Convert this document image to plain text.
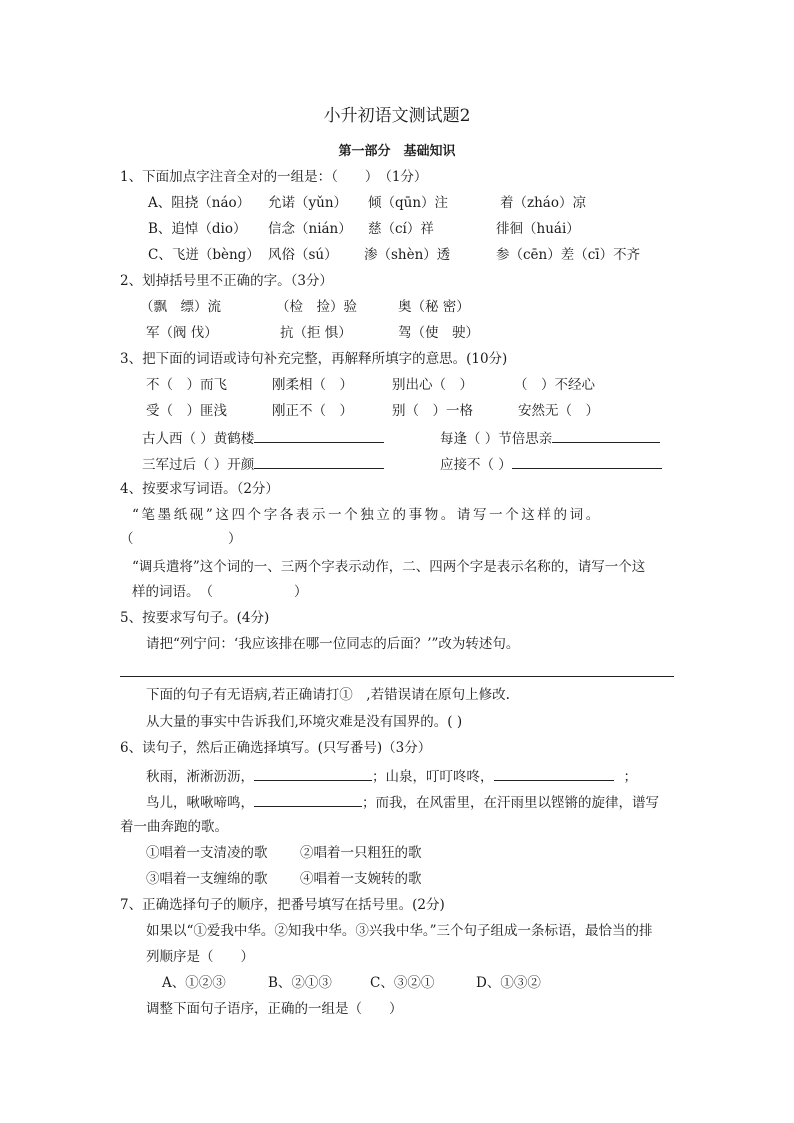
小升初语文测试题2
第一部分　基础知识
1、下面加点字注音全对的一组是：（　　）　（1分）
A、阻挠（náo） 允诺（yǔn） 倾（qūn）注	着（zháo）凉
B、追悼（dio） 信念（nián） 慈（cí）祥	徘徊（huái）
C、飞迸（bèng） 风俗（sú） 渗（shèn）透	参（cēn）差（cī）不齐
2、划掉括号里不正确的字。（3分）
（飘　缥）流	（检　捡）验	奥（秘 密）
军（阀 伐）	抗（拒 惧）	驾（使　驶）
3、把下面的词语或诗句补充完整，再解释所填字的意思。(10分)
不（　）而飞	刚柔相（　）	别出心（　）	（　）不经心
受（　）匪浅	刚正不（　）	别（　）一格	安然无（　）
古人西（ ）黄鹤楼	每逢（ ）节倍思亲
三军过后（ ）开颜	应接不（ ）
4、按要求写词语。（2分）
“笔墨纸砚”这四个字各表示一个独立的事物。请写一个这样的词。
（　　　　　　　）
“调兵遣将”这个词的一、三两个字表示动作，二、四两个字是表示名称的，请写一个这
样的词语。　（　　　　　　）
5、按要求写句子。(4分)
请把“列宁问：‘我应该排在哪一位同志的后面？’”改为转述句。
下面的句子有无语病,若正确请打①　,若错误请在原句上修改.
从大量的事实中告诉我们,环境灾难是没有国界的。( )
6、读句子，然后正确选择填写。(只写番号)（3分）
秋雨，淅淅沥沥，	；山泉，叮叮咚咚，	；
鸟儿，啾啾啼鸣，	；而我，在风雷里，在汗雨里以铿锵的旋律，谱写
着一曲奔跑的歌。
①唱着一支清凌的歌 ②唱着一只粗狂的歌
③唱着一支缠绵的歌 ④唱着一支婉转的歌
7、正确选择句子的顺序，把番号填写在括号里。(2分)
如果以“①爱我中华。②知我中华。③兴我中华。”三个句子组成一条标语，最恰当的排
列顺序是（　　）
A、①②③	B、②①③	C、③②①	D、①③②
调整下面句子语序，正确的一组是（　　）
